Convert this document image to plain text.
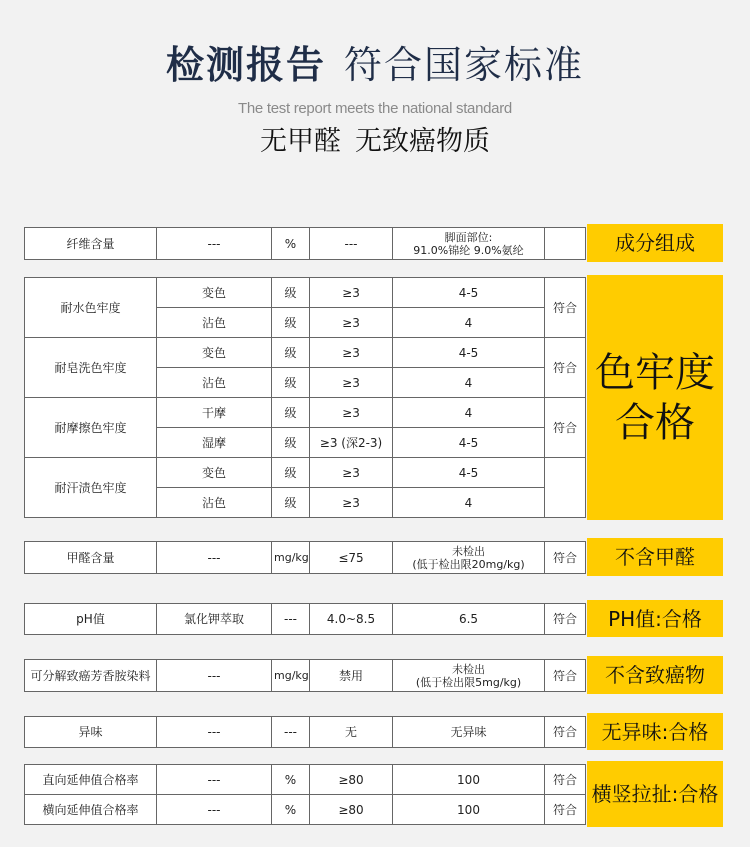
检测报告 符合国家标准
The test report meets the national standard
无甲醛 无致癌物质
纤维含量	---	%	---	脚面部位:
91.0%锦纶 9.0%氨纶
		成分组成
耐水色牢度	变色	级	≥3	4-5	符合
	沾色	级	≥3	4	
耐皂洗色牢度	变色	级	≥3	4-5	符合
	沾色	级	≥3	4	
耐摩擦色牢度	干摩	级	≥3	4	符合
	湿摩	级	≥3 (深2-3)	4-5	
耐汗渍色牢度	变色	级	≥3	4-5	
	沾色	级	≥3	4	
色牢度
合格
甲醛含量	---	mg/kg	≤75	未检出
(低于检出限20mg/kg)	符合	不含甲醛
pH值	氯化钾萃取	---	4.0~8.5	6.5	符合	PH值:合格
可分解致癌芳香胺染料	---	mg/kg	禁用	未检出
(低于检出限5mg/kg)	符合	不含致癌物
异味	---	---	无	无异味	符合	无异味:合格
直向延伸值合格率	---	%	≥80	100	符合
横向延伸值合格率	---	%	≥80	100	符合
横竖拉扯:合格
